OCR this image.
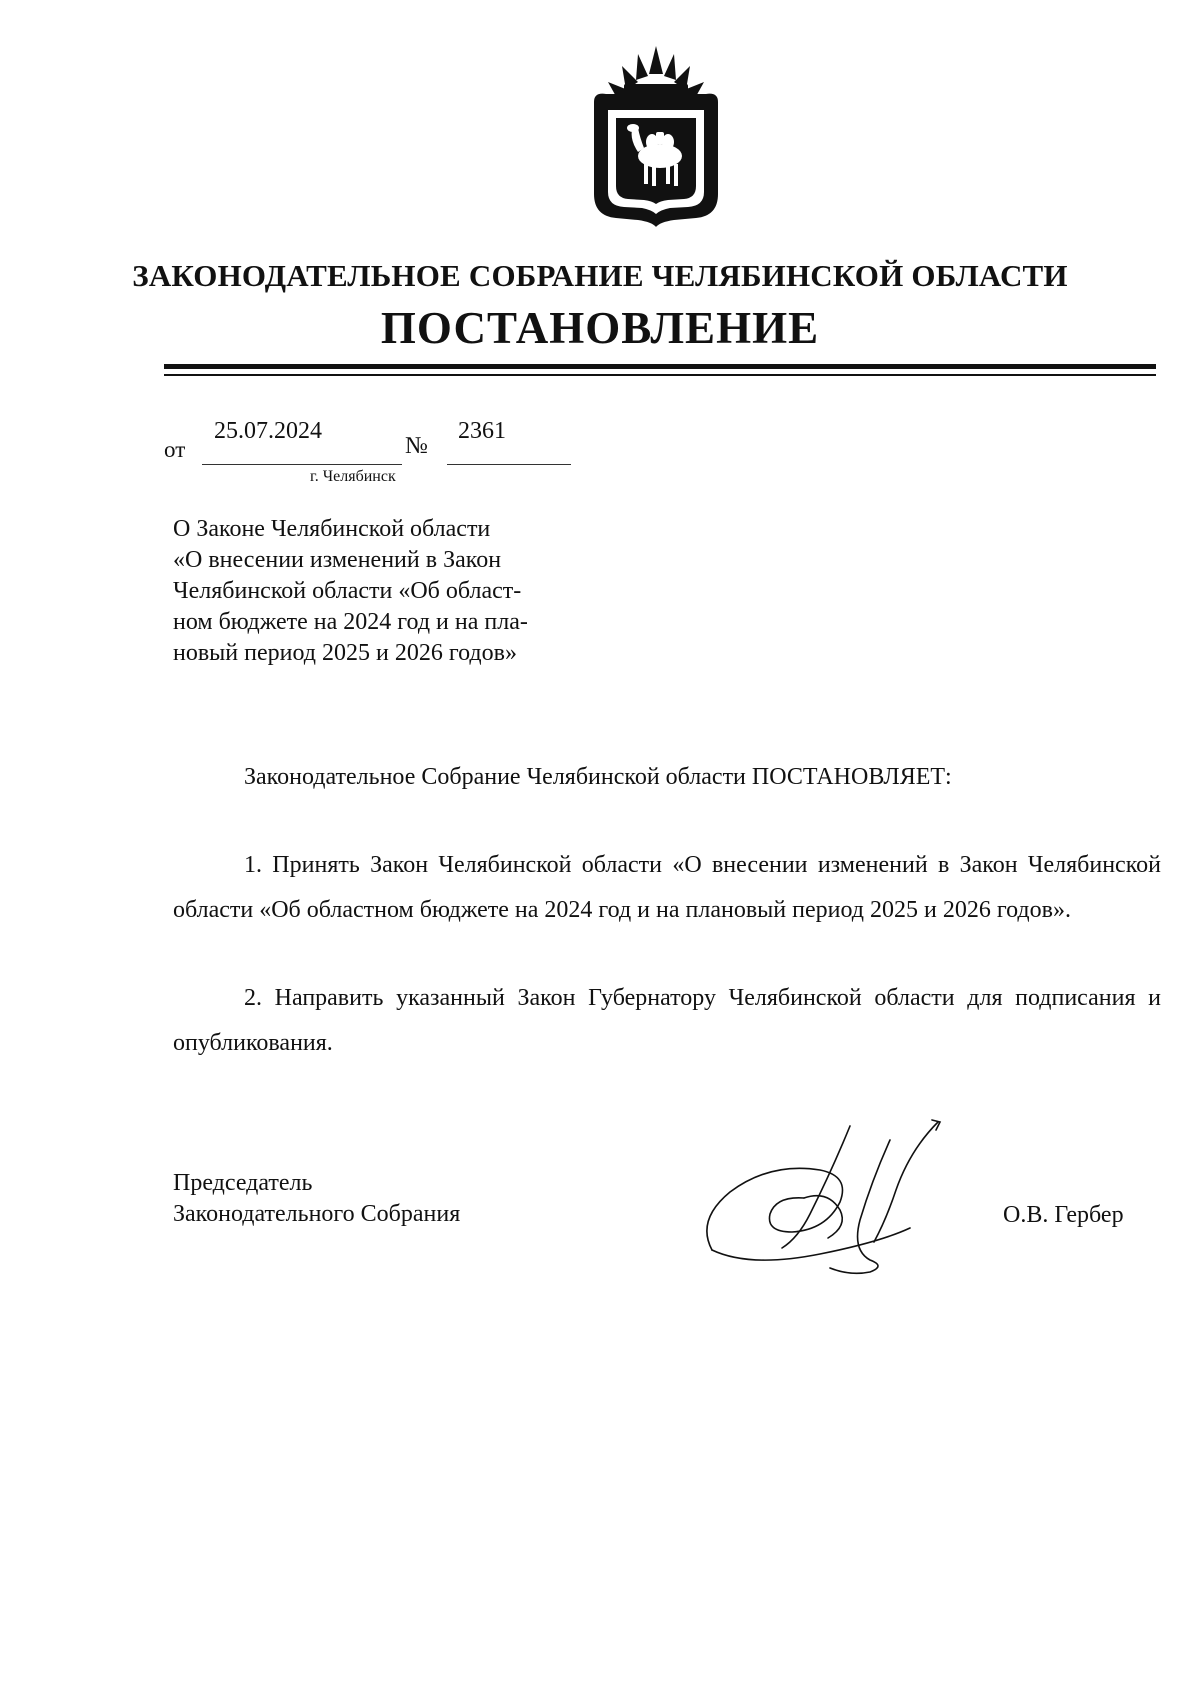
ЗАКОНОДАТЕЛЬНОЕ СОБРАНИЕ ЧЕЛЯБИНСКОЙ ОБЛАСТИ
ПОСТАНОВЛЕНИЕ
от
25.07.2024
№
2361
г. Челябинск
О Законе Челябинской области
«О внесении изменений в Закон
Челябинской области «Об област-
ном бюджете на 2024 год и на пла-
новый период 2025 и 2026 годов»
Законодательное Собрание Челябинской области ПОСТАНОВЛЯЕТ:

1. Принять Закон Челябинской области «О внесении изменений в Закон Челябинской области «Об областном бюджете на 2024 год и на плановый период 2025 и 2026 годов».

2. Направить указанный Закон Губернатору Челябинской области для подписания и опубликования.

Председатель
Законодательного Собрания	О.В. Гербер
